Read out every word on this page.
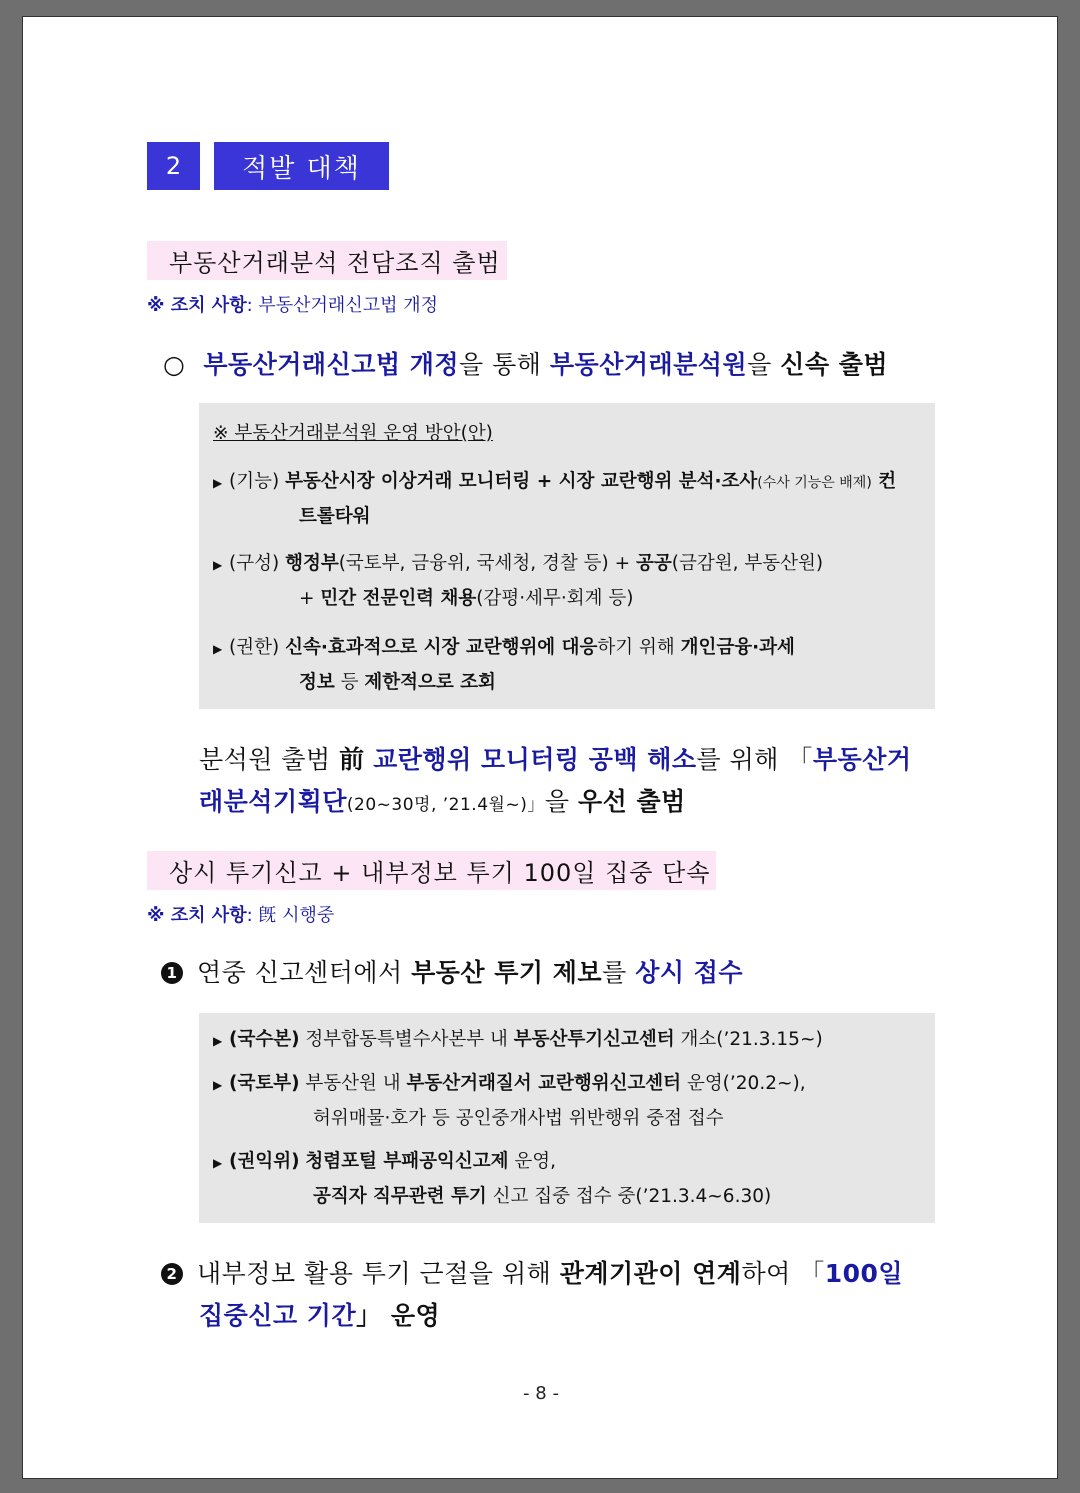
2	적발 대책
부동산거래분석 전담조직 출범
※ 조치 사항: 부동산거래신고법 개정
○ 부동산거래신고법 개정을 통해 부동산거래분석원을 신속 출범
※ 부동산거래분석원 운영 방안(안)
▶ (기능) 부동산시장 이상거래 모니터링 + 시장 교란행위 분석·조사(수사 기능은 배제) 컨
트롤타워
▶ (구성) 행정부(국토부, 금융위, 국세청, 경찰 등) + 공공(금감원, 부동산원)
+ 민간 전문인력 채용(감평·세무·회계 등)
▶ (권한) 신속·효과적으로 시장 교란행위에 대응하기 위해 개인금융·과세
정보 등 제한적으로 조회
분석원 출범 前 교란행위 모니터링 공백 해소를 위해 「부동산거
래분석기획단(20~30명, ’21.4월~)」을 우선 출범
상시 투기신고 + 내부정보 투기 100일 집중 단속
※ 조치 사항: 旣 시행중
1 연중 신고센터에서 부동산 투기 제보를 상시 접수
▶ (국수본) 정부합동특별수사본부 내 부동산투기신고센터 개소(’21.3.15~)
▶ (국토부) 부동산원 내 부동산거래질서 교란행위신고센터 운영(’20.2~),
허위매물·호가 등 공인중개사법 위반행위 중점 접수
▶ (권익위) 청렴포털 부패공익신고제 운영,
공직자 직무관련 투기 신고 집중 접수 중(’21.3.4~6.30)
2 내부정보 활용 투기 근절을 위해 관계기관이 연계하여 「100일
집중신고 기간」 운영
- 8 -
